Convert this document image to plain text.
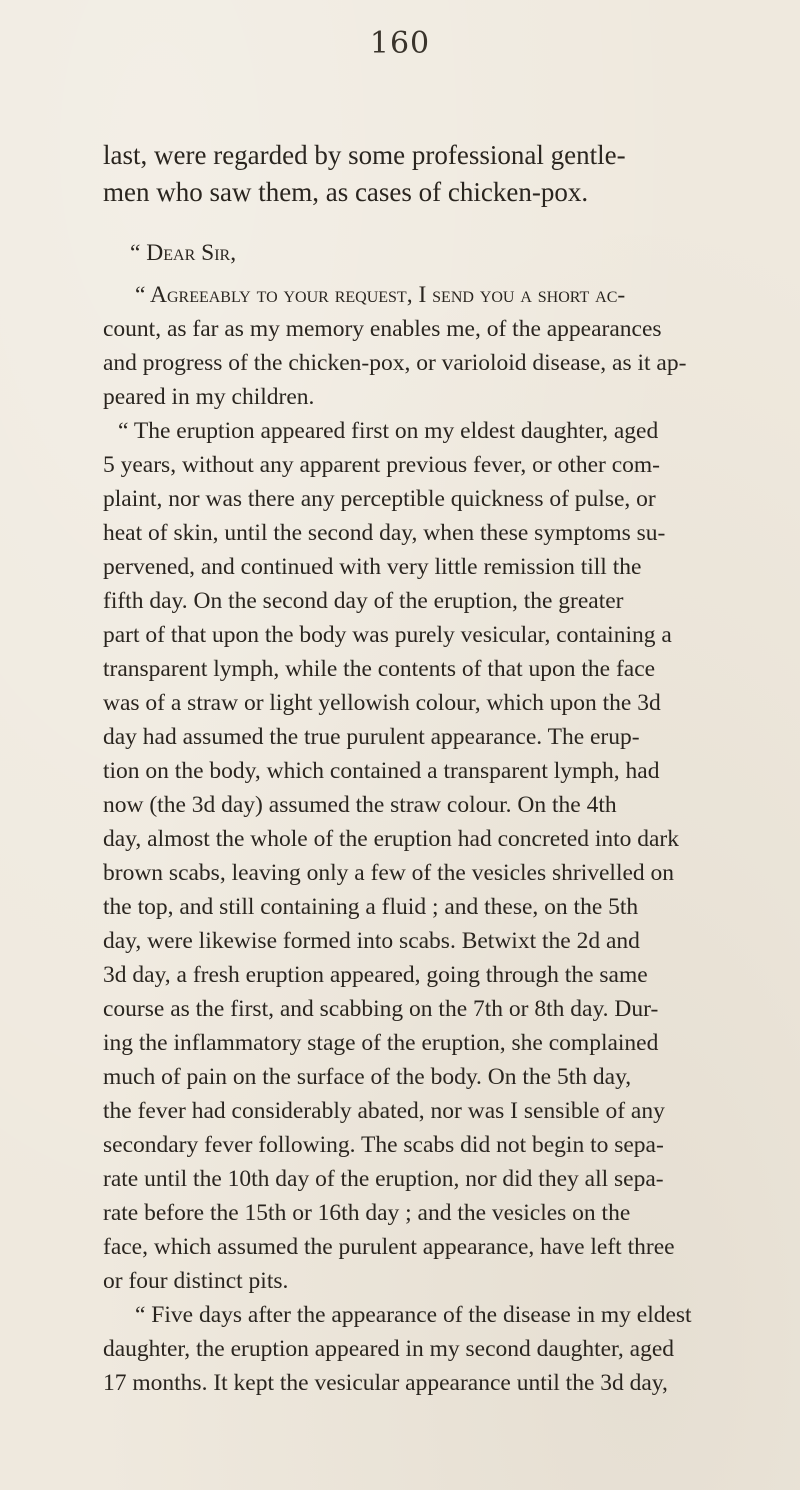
160
last, were regarded by some professional gentle-
men who saw them, as cases of chicken-pox.
“ Dear Sir,
“ Agreeably to your request, I send you a short ac-
count, as far as my memory enables me, of the appearances
and progress of the chicken-pox, or varioloid disease, as it ap-
peared in my children.
“ The eruption appeared first on my eldest daughter, aged
5 years, without any apparent previous fever, or other com-
plaint, nor was there any perceptible quickness of pulse, or
heat of skin, until the second day, when these symptoms su-
pervened, and continued with very little remission till the
fifth day. On the second day of the eruption, the greater
part of that upon the body was purely vesicular, containing a
transparent lymph, while the contents of that upon the face
was of a straw or light yellowish colour, which upon the 3d
day had assumed the true purulent appearance. The erup-
tion on the body, which contained a transparent lymph, had
now (the 3d day) assumed the straw colour. On the 4th
day, almost the whole of the eruption had concreted into dark
brown scabs, leaving only a few of the vesicles shrivelled on
the top, and still containing a fluid ; and these, on the 5th
day, were likewise formed into scabs. Betwixt the 2d and
3d day, a fresh eruption appeared, going through the same
course as the first, and scabbing on the 7th or 8th day. Dur-
ing the inflammatory stage of the eruption, she complained
much of pain on the surface of the body. On the 5th day,
the fever had considerably abated, nor was I sensible of any
secondary fever following. The scabs did not begin to sepa-
rate until the 10th day of the eruption, nor did they all sepa-
rate before the 15th or 16th day ; and the vesicles on the
face, which assumed the purulent appearance, have left three
or four distinct pits.
“ Five days after the appearance of the disease in my eldest
daughter, the eruption appeared in my second daughter, aged
17 months. It kept the vesicular appearance until the 3d day,
